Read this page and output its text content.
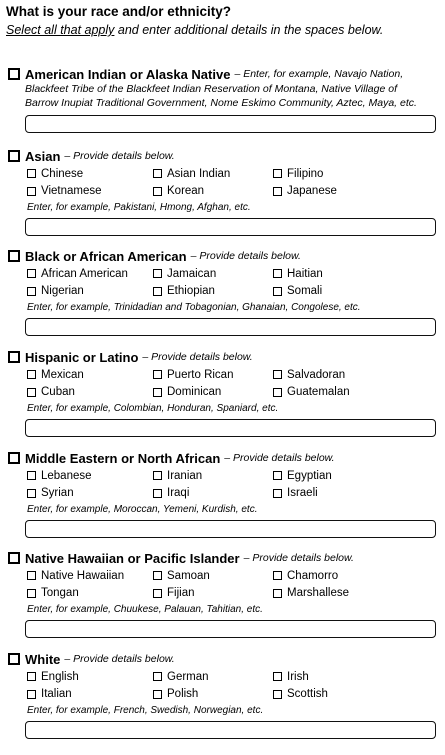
What is your race and/or ethnicity?
Select all that apply and enter additional details in the spaces below.
American Indian or Alaska Native – Enter, for example, Navajo Nation,
Blackfeet Tribe of the Blackfeet Indian Reservation of Montana, Native Village of
Barrow Inupiat Traditional Government, Nome Eskimo Community, Aztec, Maya, etc.
Asian – Provide details below.
Chinese	Asian Indian	Filipino
Vietnamese	Korean	Japanese
Enter, for example, Pakistani, Hmong, Afghan, etc.
Black or African American – Provide details below.
African American	Jamaican	Haitian
Nigerian	Ethiopian	Somali
Enter, for example, Trinidadian and Tobagonian, Ghanaian, Congolese, etc.
Hispanic or Latino – Provide details below.
Mexican	Puerto Rican	Salvadoran
Cuban	Dominican	Guatemalan
Enter, for example, Colombian, Honduran, Spaniard, etc.
Middle Eastern or North African – Provide details below.
Lebanese	Iranian	Egyptian
Syrian	Iraqi	Israeli
Enter, for example, Moroccan, Yemeni, Kurdish, etc.
Native Hawaiian or Pacific Islander – Provide details below.
Native Hawaiian	Samoan	Chamorro
Tongan	Fijian	Marshallese
Enter, for example, Chuukese, Palauan, Tahitian, etc.
White – Provide details below.
English	German	Irish
Italian	Polish	Scottish
Enter, for example, French, Swedish, Norwegian, etc.
